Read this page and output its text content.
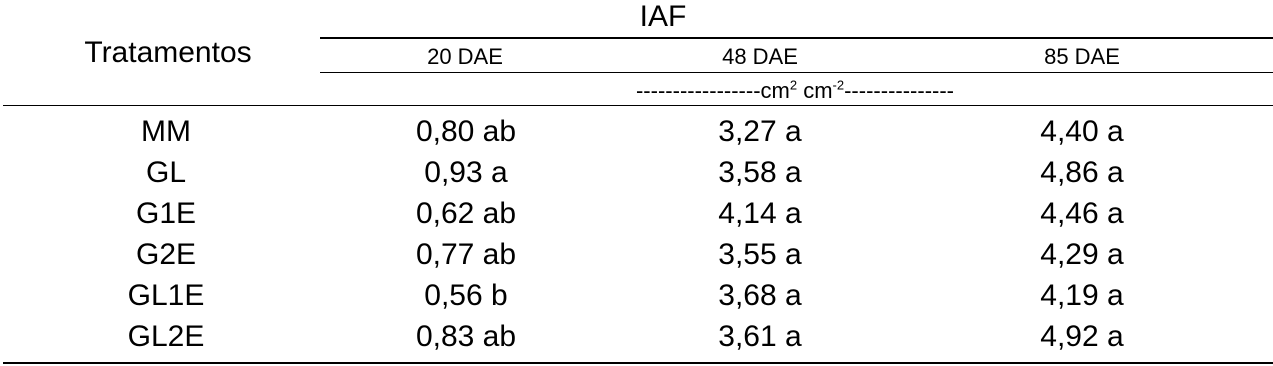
IAF
Tratamentos	20 DAE	48 DAE	85 DAE
$-----------------cm^2$ $cm^{-2}---------------$
MM	0,80 ab	3,27 a	4,40 a
GL	0,93 a	3,58 a	4,86 a
G1E	0,62 ab	4,14 a	4,46 a
G2E	0,77 ab	3,55 a	4,29 a
GL1E	0,56 b	3,68 a	4,19 a
GL2E	0,83 ab	3,61 a	4,92 a
